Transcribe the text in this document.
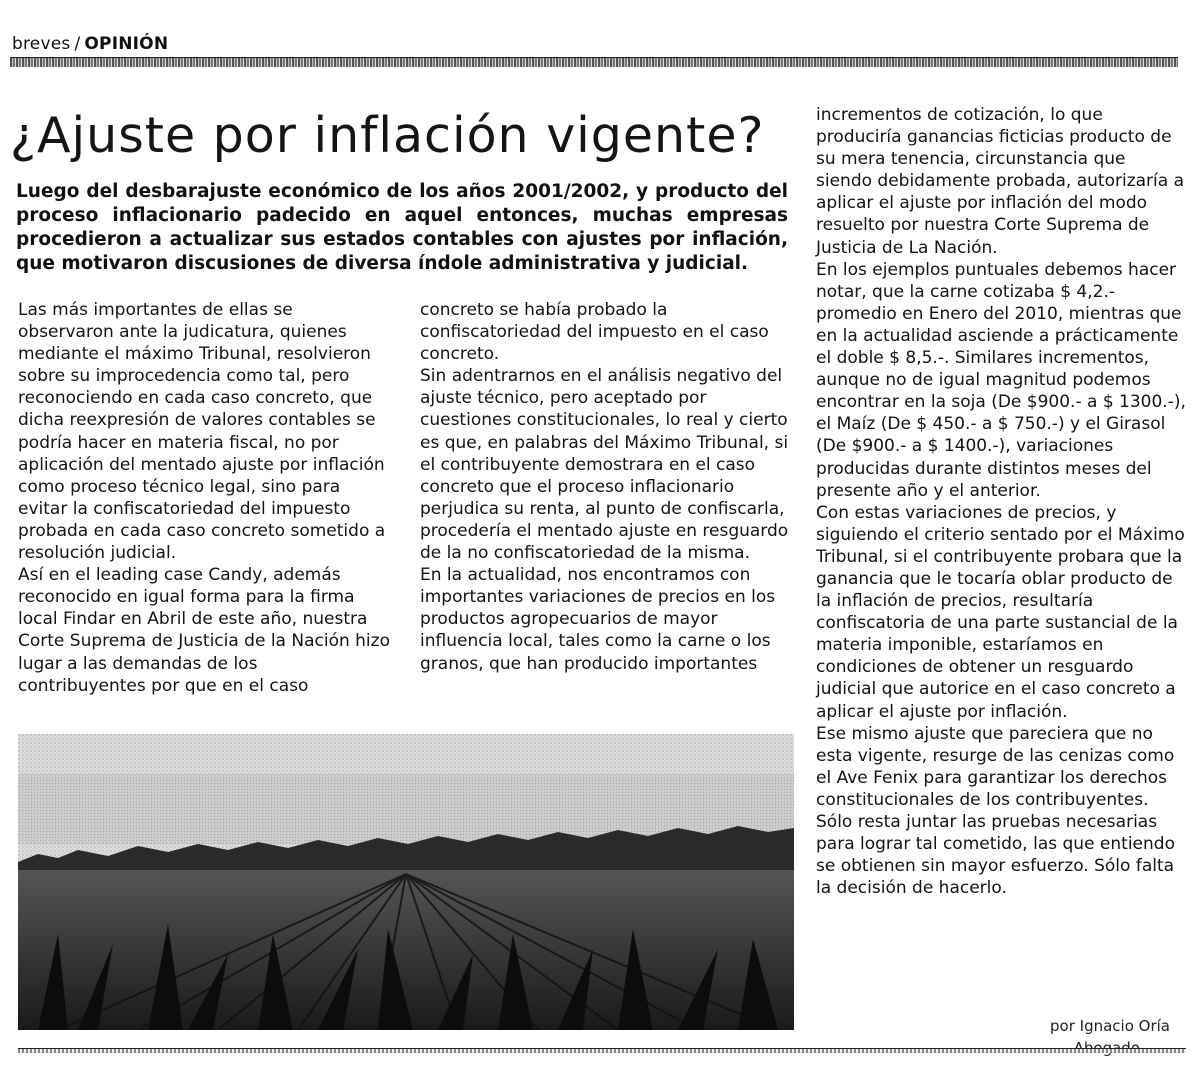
breves / OPINIÓN
¿Ajuste por inflación vigente?

Luego del desbarajuste económico de los años 2001/2002, y producto del proceso inflacionario padecido en aquel entonces, muchas empresas procedieron a actualizar sus estados contables con ajustes por inflación, que motivaron discusiones de diversa índole administrativa y judicial.

Las más importantes de ellas se observaron ante la judicatura, quienes mediante el máximo Tribunal, resolvieron sobre su improcedencia como tal, pero reconociendo en cada caso concreto, que dicha reexpresión de valores contables se podría hacer en materia fiscal, no por aplicación del mentado ajuste por inflación como proceso técnico legal, sino para evitar la confiscatoriedad del impuesto probada en cada caso concreto sometido a resolución judicial.

Así en el leading case Candy, además reconocido en igual forma para la firma local Findar en Abril de este año, nuestra Corte Suprema de Justicia de la Nación hizo lugar a las demandas de los contribuyentes por que en el caso

concreto se había probado la confiscatoriedad del impuesto en el caso concreto.

Sin adentrarnos en el análisis negativo del ajuste técnico, pero aceptado por cuestiones constitucionales, lo real y cierto es que, en palabras del Máximo Tribunal, si el contribuyente demostrara en el caso concreto que el proceso inflacionario perjudica su renta, al punto de confiscarla, procedería el mentado ajuste en resguardo de la no confiscatoriedad de la misma.

En la actualidad, nos encontramos con importantes variaciones de precios en los productos agropecuarios de mayor influencia local, tales como la carne o los granos, que han producido importantes

incrementos de cotización, lo que produciría ganancias ficticias producto de su mera tenencia, circunstancia que siendo debidamente probada, autorizaría a aplicar el ajuste por inflación del modo resuelto por nuestra Corte Suprema de Justicia de La Nación.

En los ejemplos puntuales debemos hacer notar, que la carne cotizaba $ 4,2.- promedio en Enero del 2010, mientras que en la actualidad asciende a prácticamente el doble $ 8,5.-. Similares incrementos, aunque no de igual magnitud podemos encontrar en la soja (De $900.- a $ 1300.-), el Maíz (De $ 450.- a $ 750.-) y el Girasol (De $900.- a $ 1400.-), variaciones producidas durante distintos meses del presente año y el anterior.

Con estas variaciones de precios, y siguiendo el criterio sentado por el Máximo Tribunal, si el contribuyente probara que la ganancia que le tocaría oblar producto de la inflación de precios, resultaría confiscatoria de una parte sustancial de la materia imponible, estaríamos en condiciones de obtener un resguardo judicial que autorice en el caso concreto a aplicar el ajuste por inflación.

Ese mismo ajuste que pareciera que no esta vigente, resurge de las cenizas como el Ave Fenix para garantizar los derechos constitucionales de los contribuyentes.

Sólo resta juntar las pruebas necesarias para lograr tal cometido, las que entiendo se obtienen sin mayor esfuerzo. Sólo falta la decisión de hacerlo.

por Ignacio Oría
